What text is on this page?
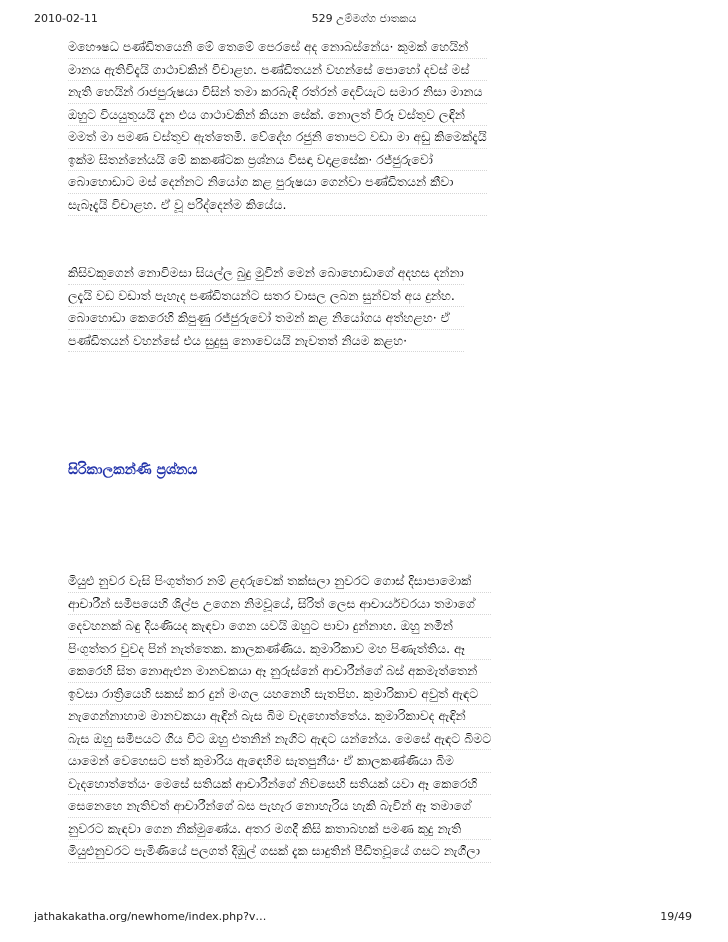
2010-02-11	529 උම්මග්ග ජාතකය
මහෞෂධ පණ්ඩිතයෙනි මේ තෙමේ පෙරසේ අද නොබස්නේය· කුමක් හෙයින්
මානය ඇතිවිදැයි ගාථාවකින් විචාළහ. පණ්ඩිතයන් වහන්සේ පොහෝ දවස් මස්
නැති හෙයින් රාජපුරුෂයා විසින් තමා කරබැඳි රත්රන් දෙවියැට සමාර නිසා මානය
ඔහුට වියයුතුයයි දැන එය ගාථාවකින් කියන සේක්. නොලත් විරූ වස්තුව ලඳින්
මමත් මා පමණ වස්තුව ඇත්තෙමි. වේදේහ රජුනි තොපට වඩා මා අඩු කිමෙක්දැයි
ඉක්ම සිතන්නේයයි මේ කකණ්ටක ප්‍රශ්නය විසඳා වදාළසේක· රජ්ජුරුවෝ
බොහොඩාට මස් දෙන්නට නියෝග කළ පුරුෂයා ගෙන්වා පණ්ඩිතයන් කීවා
සැබෑදැයි විචාළහ. ඒ වූ පරිද්දෙන්ම කියේය.
කිසිවකුගෙන් නොවිමසා සියල්ල බුදු මුවින් මෙන් බොහොඩාගේ අදහස දන්නා
ලදැයි වඩ වඩාත් පැහැද පණ්ඩිතයන්ට සතර වාසල ලබන සුන්වත් අය දුන්හ.
බොහොඩා කෙරෙහි කිපුණු රජ්ජුරුවෝ තමන් කළ නියෝගය අත්හළහ· ඒ
පණ්ඩිතයන් වහන්සේ එය සුදුසු නොවෙයයි නැවතත් නියම කළහ·
සිරිකාලකන්ණි ප්‍රශ්නය
මියුළු නුවර වැසි පිංගුත්තර නම් ළදරුවෙක් තක්සලා නුවරට ගොස් දිසාපාමොක්
ආචාරීන් සමීපයෙහි ශිල්ප උගෙන නිමවූයේ, සිරිත් ලෙස ආචාර්යවරයා තමාගේ
දෙවහනක් බඳු දියණියද කැඳවා ගෙන යවයි ඔහුට පාවා දුන්නාහ. ඔහු නමින්
පිංගුත්තර වුවද පින් නැත්තෙක. කාලකණ්ණිය. කුමාරිකාව මහ පිණැත්තිය. ඈ
කෙරෙහි සිත නොඇළුන මානවකයා ඈ නුරුස්නේ ආචාරීන්ගේ බස් අකමැත්තෙන්
ඉවසා රාත්‍රියෙහි සකස් කර දුන් මංගල යහනෙහි සැතපිහ. කුමාරිකාව අවුත් ඇඳට
නැගෙන්නාහාම මානවකයා ඇඳින් බැස බිම වැදහොත්තේය. කුමාරිකාවද ඇඳින්
බැස ඔහු සමීපයට ගිය විට ඔහු එතනින් නැගිට ඇඳට යන්නේය. මෙසේ ඇඳට බිමට
යාමෙන් වෙහෙසට පත් කුමාරිය ඇඳෙහිම සැතපුනීය· ඒ කාලකණ්ණියා බිම
වැදහොත්තේය· මෙසේ සතියක් ආචාරීන්ගේ නිවසෙහි සතියක් යවා ඈ කෙරෙහි
සෙනෙහෙ නැතිවත් ආචාරීන්ගේ බස පැහැර නොහැරිය හැකි බැවින් ඈ තමාගේ
නුවරට කැඳවා ගෙන නික්මුණේය. අතර මගදී කිසි කතාබහක් පමණ කුදු නැති
මියුළුනුවරට පැමිණියේ පලගත් දිඹුල් ගසක් දැක සාදුතින් පීඩිතවූයේ ගසට නැගීලා
jathakakatha.org/newhome/index.php?v…	19/49
